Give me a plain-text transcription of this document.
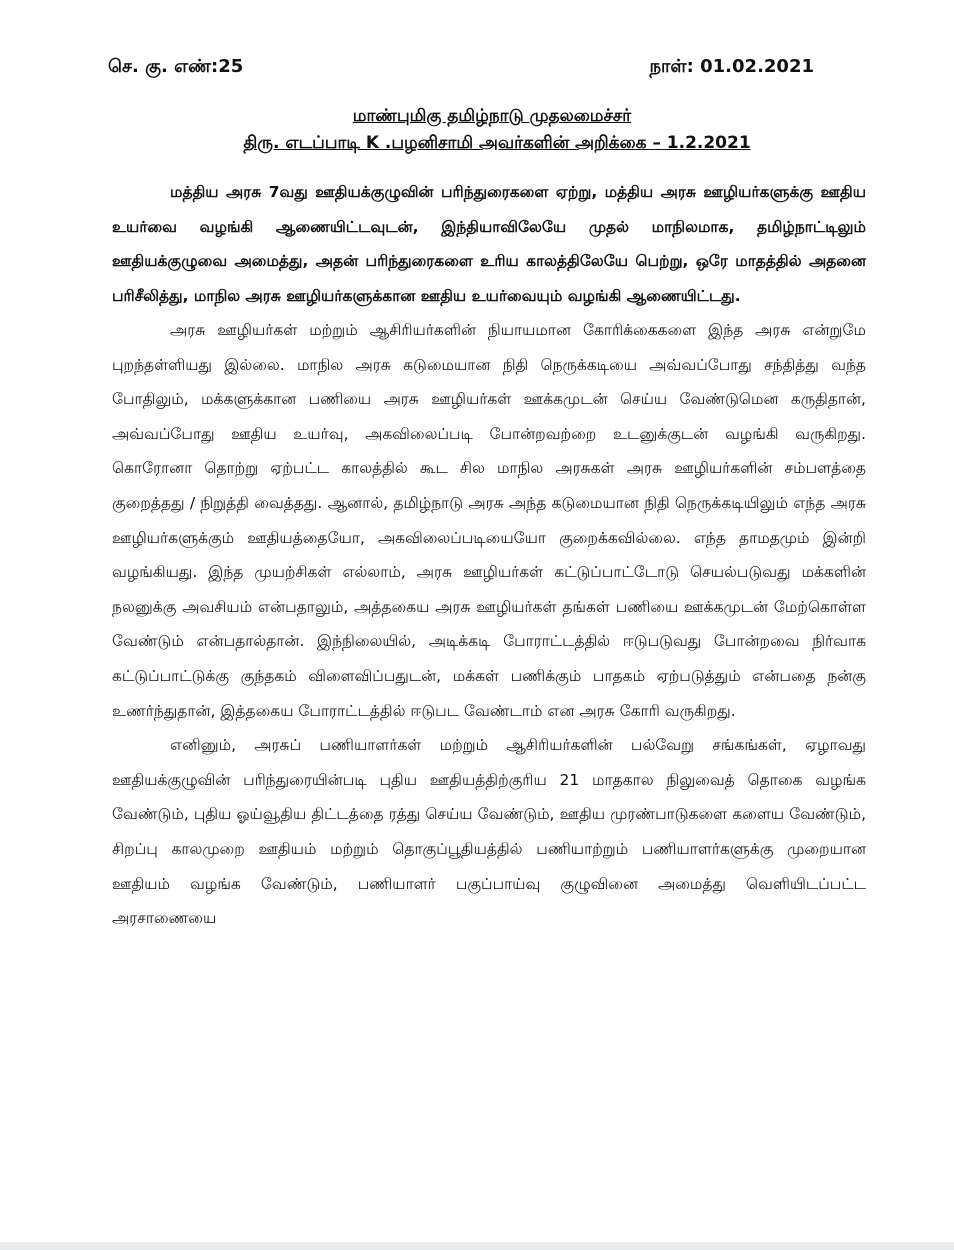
செ. கு. எண்:25	நாள்: 01.02.2021
மாண்புமிகு தமிழ்நாடு முதலமைச்சர்
திரு. எடப்பாடி K .பழனிசாமி அவர்களின் அறிக்கை – 1.2.2021

மத்திய அரசு 7வது ஊதியக்குழுவின் பரிந்துரைகளை ஏற்று, மத்திய அரசு ஊழியர்களுக்கு ஊதிய உயர்வை வழங்கி ஆணையிட்டவுடன், இந்தியாவிலேயே முதல் மாநிலமாக, தமிழ்நாட்டிலும் ஊதியக்குழுவை அமைத்து, அதன் பரிந்துரைகளை உரிய காலத்திலேயே பெற்று, ஒரே மாதத்தில் அதனை பரிசீலித்து, மாநில அரசு ஊழியர்களுக்கான ஊதிய உயர்வையும் வழங்கி ஆணையிட்டது.

அரசு ஊழியர்கள் மற்றும் ஆசிரியர்களின் நியாயமான கோரிக்கைகளை இந்த அரசு என்றுமே புறந்தள்ளியது இல்லை. மாநில அரசு கடுமையான நிதி நெருக்கடியை அவ்வப்போது சந்தித்து வந்த போதிலும், மக்களுக்கான பணியை அரசு ஊழியர்கள் ஊக்கமுடன் செய்ய வேண்டுமென கருதிதான், அவ்வப்போது ஊதிய உயர்வு, அகவிலைப்படி போன்றவற்றை உடனுக்குடன் வழங்கி வருகிறது. கொரோனா தொற்று ஏற்பட்ட காலத்தில் கூட சில மாநில அரசுகள் அரசு ஊழியர்களின் சம்பளத்தை குறைத்தது / நிறுத்தி வைத்தது. ஆனால், தமிழ்நாடு அரசு அந்த கடுமையான நிதி நெருக்கடியிலும் எந்த அரசு ஊழியர்களுக்கும் ஊதியத்தையோ, அகவிலைப்படியையோ குறைக்கவில்லை. எந்த தாமதமும் இன்றி வழங்கியது. இந்த முயற்சிகள் எல்லாம், அரசு ஊழியர்கள் கட்டுப்பாட்டோடு செயல்படுவது மக்களின் நலனுக்கு அவசியம் என்பதாலும், அத்தகைய அரசு ஊழியர்கள் தங்கள் பணியை ஊக்கமுடன் மேற்கொள்ள வேண்டும் என்பதால்தான். இந்நிலையில், அடிக்கடி போராட்டத்தில் ஈடுபடுவது போன்றவை நிர்வாக கட்டுப்பாட்டுக்கு குந்தகம் விளைவிப்பதுடன், மக்கள் பணிக்கும் பாதகம் ஏற்படுத்தும் என்பதை நன்கு உணர்ந்துதான், இத்தகைய போராட்டத்தில் ஈடுபட வேண்டாம் என அரசு கோரி வருகிறது.

எனினும், அரசுப் பணியாளர்கள் மற்றும் ஆசிரியர்களின் பல்வேறு சங்கங்கள், ஏழாவது ஊதியக்குழுவின் பரிந்துரையின்படி புதிய ஊதியத்திற்குரிய 21 மாதகால நிலுவைத் தொகை வழங்க வேண்டும், புதிய ஓய்வூதிய திட்டத்தை ரத்து செய்ய வேண்டும், ஊதிய முரண்பாடுகளை களைய வேண்டும், சிறப்பு காலமுறை ஊதியம் மற்றும் தொகுப்பூதியத்தில் பணியாற்றும் பணியாளர்களுக்கு முறையான ஊதியம் வழங்க வேண்டும், பணியாளர் பகுப்பாய்வு குழுவினை அமைத்து வெளியிடப்பட்ட அரசாணையை
